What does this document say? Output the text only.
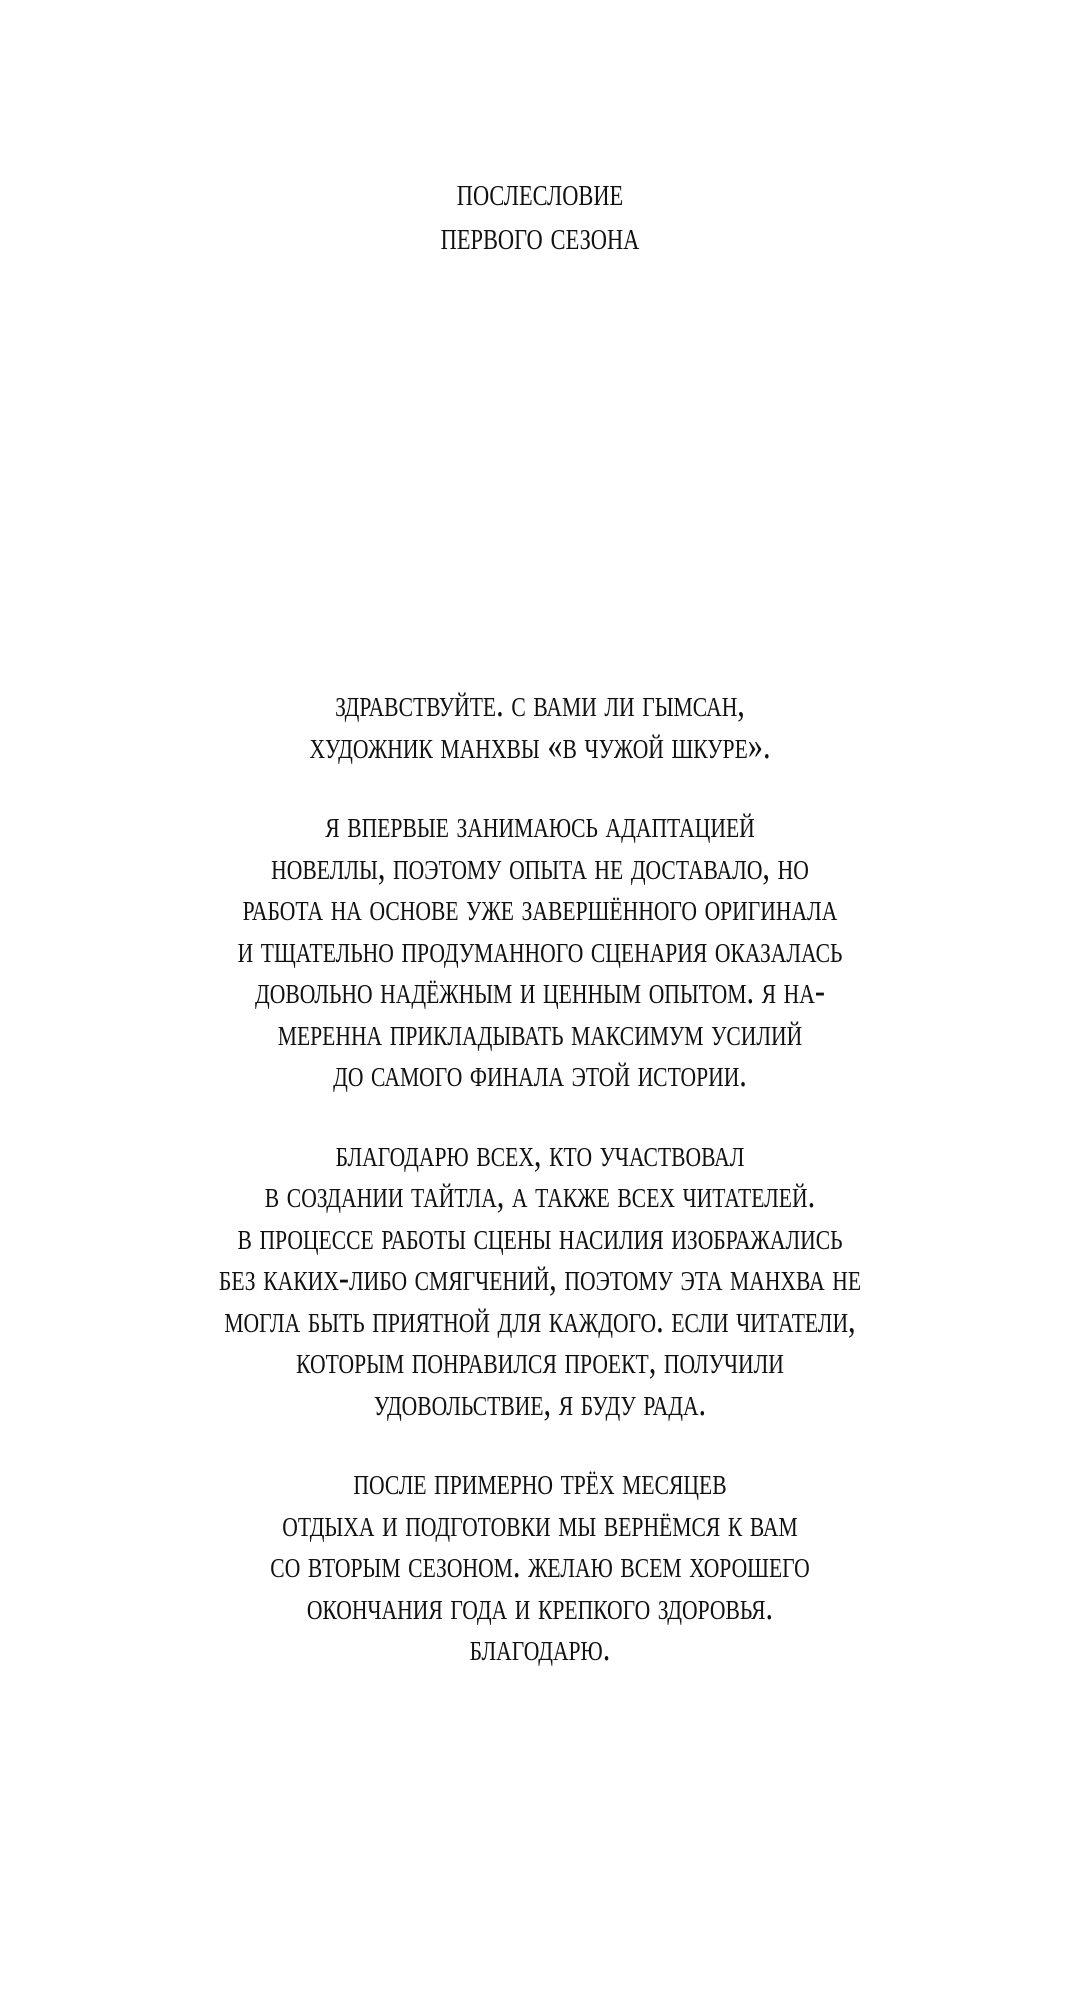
послесловие
первого сезона
здравствуйте. с вами ли гымсан,
художник манхвы «в чужой шкуре».
я впервые занимаюсь адаптацией
новеллы, поэтому опыта не доставало, но
работа на основе уже завершённого оригинала
и тщательно продуманного сценария оказалась
довольно надёжным и ценным опытом. я на-
меренна прикладывать максимум усилий
до самого финала этой истории.
благодарю всех, кто участвовал
в создании тайтла, а также всех читателей.
в процессе работы сцены насилия изображались
без каких-либо смягчений, поэтому эта манхва не
могла быть приятной для каждого. если читатели,
которым понравился проект, получили
удовольствие, я буду рада.
после примерно трёх месяцев
отдыха и подготовки мы вернёмся к вам
со вторым сезоном. желаю всем хорошего
окончания года и крепкого здоровья.
благодарю.
